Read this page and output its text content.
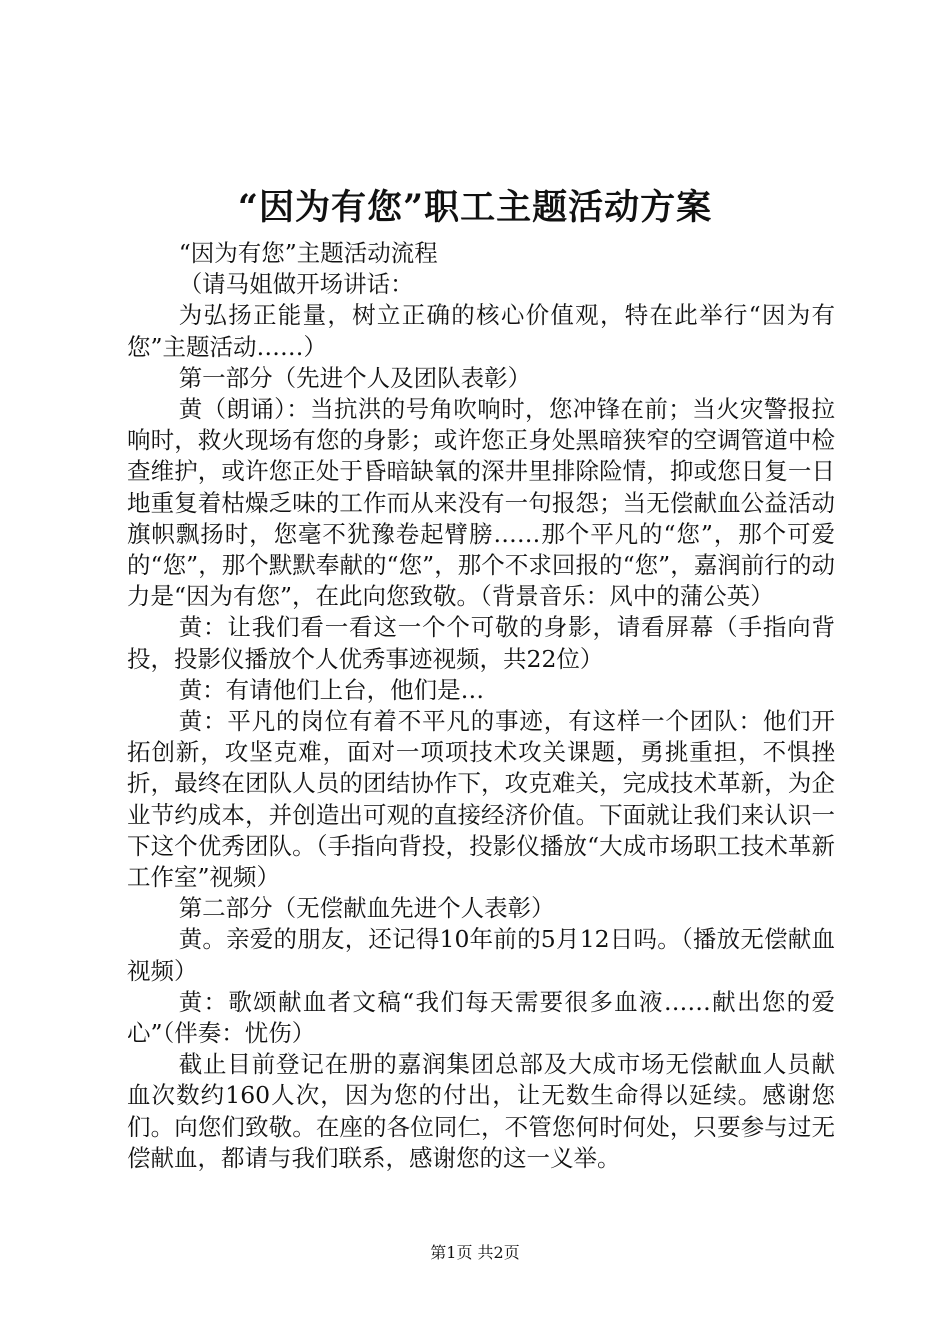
“因为有您”职工主题活动方案

“因为有您”主题活动流程

（请马姐做开场讲话：

为弘扬正能量，树立正确的核心价值观，特在此举行“因为有您”主题活动……）

第一部分（先进个人及团队表彰）

黄（朗诵）：当抗洪的号角吹响时，您冲锋在前；当火灾警报拉响时，救火现场有您的身影；或许您正身处黑暗狭窄的空调管道中检查维护，或许您正处于昏暗缺氧的深井里排除险情，抑或您日复一日地重复着枯燥乏味的工作而从来没有一句报怨；当无偿献血公益活动旗帜飘扬时，您毫不犹豫卷起臂膀……那个平凡的“您”，那个可爱的“您”，那个默默奉献的“您”，那个不求回报的“您”，嘉润前行的动力是“因为有您”，在此向您致敬。（背景音乐：风中的蒲公英）

黄：让我们看一看这一个个可敬的身影，请看屏幕（手指向背投，投影仪播放个人优秀事迹视频，共22位）

黄：有请他们上台，他们是…

黄：平凡的岗位有着不平凡的事迹，有这样一个团队：他们开拓创新，攻坚克难，面对一项项技术攻关课题，勇挑重担，不惧挫折，最终在团队人员的团结协作下，攻克难关，完成技术革新，为企业节约成本，并创造出可观的直接经济价值。下面就让我们来认识一下这个优秀团队。（手指向背投，投影仪播放“大成市场职工技术革新工作室”视频）

第二部分（无偿献血先进个人表彰）

黄。亲爱的朋友，还记得10年前的5月12日吗。（播放无偿献血视频）

黄：歌颂献血者文稿“我们每天需要很多血液……献出您的爱心”（伴奏：忧伤）

截止目前登记在册的嘉润集团总部及大成市场无偿献血人员献血次数约160人次，因为您的付出，让无数生命得以延续。感谢您们。向您们致敬。在座的各位同仁，不管您何时何处，只要参与过无偿献血，都请与我们联系，感谢您的这一义举。

第1页 共2页
